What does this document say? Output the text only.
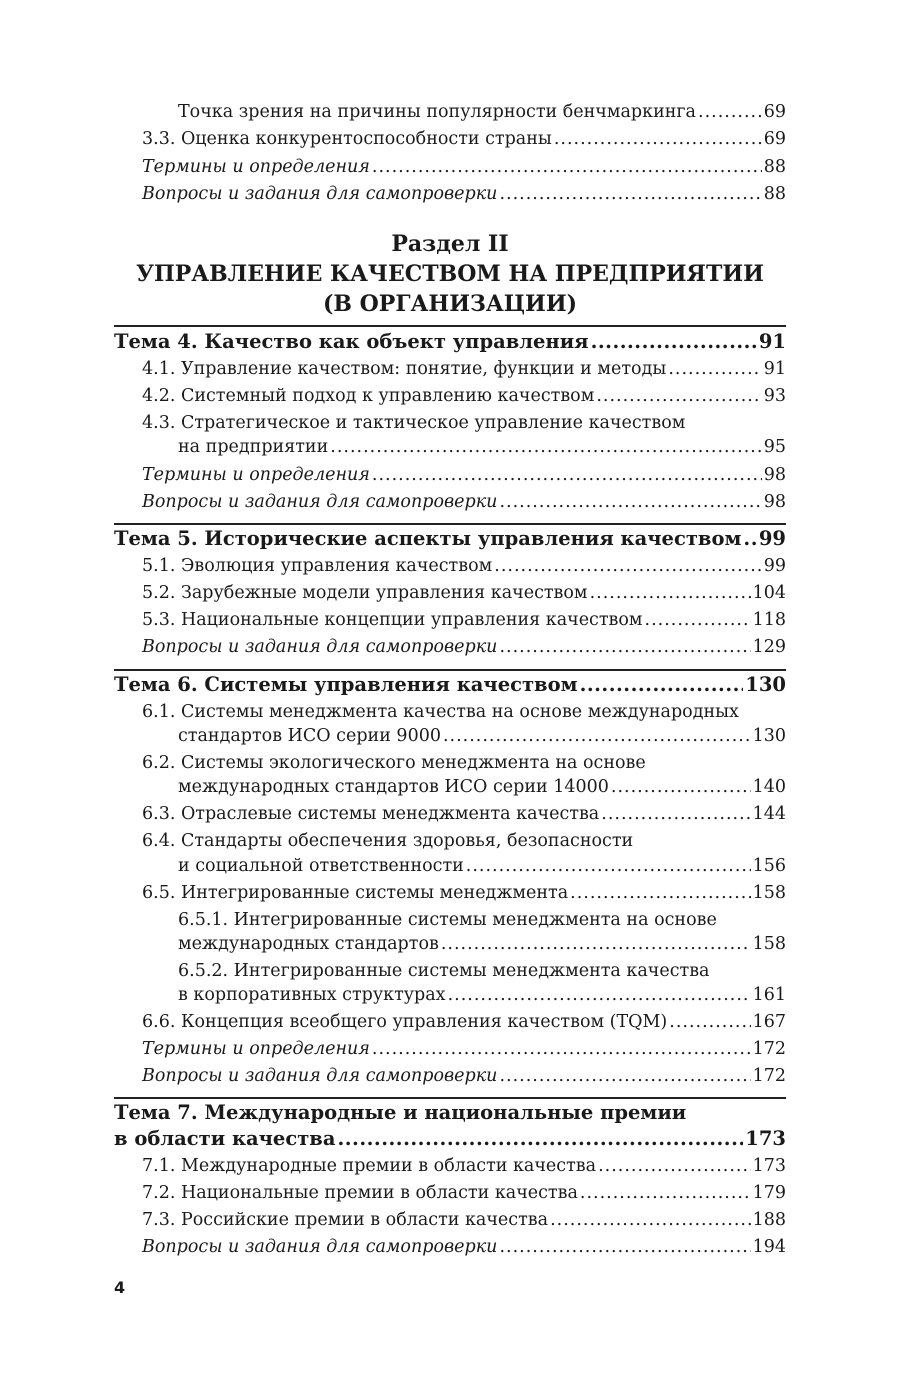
Точка зрения на причины популярности бенчмаркинга .....	69
3.3. Оценка конкурентоспособности страны .....	69
Термины и определения .....	88
Вопросы и задания для самопроверки .....	88
Раздел II
УПРАВЛЕНИЕ КАЧЕСТВОМ НА ПРЕДПРИЯТИИ
(В ОРГАНИЗАЦИИ)
Тема 4. Качество как объект управления .....	91
4.1. Управление качеством: понятие, функции и методы .....	91
4.2. Системный подход к управлению качеством .....	93
4.3. Стратегическое и тактическое управление качеством
на предприятии .....	95
Термины и определения .....	98
Вопросы и задания для самопроверки .....	98
Тема 5. Исторические аспекты управления качеством ..... 99
5.1. Эволюция управления качеством .....	99
5.2. Зарубежные модели управления качеством .....	104
5.3. Национальные концепции управления качеством .....	118
Вопросы и задания для самопроверки .....	129
Тема 6. Системы управления качеством .....	130
6.1. Системы менеджмента качества на основе международных
стандартов ИСО серии 9000 .....	130
6.2. Системы экологического менеджмента на основе
международных стандартов ИСО серии 14000 .....	140
6.3. Отраслевые системы менеджмента качества .....	144
6.4. Стандарты обеспечения здоровья, безопасности
и социальной ответственности .....	156
6.5. Интегрированные системы менеджмента .....	158
6.5.1. Интегрированные системы менеджмента на основе
международных стандартов .....	158
6.5.2. Интегрированные системы менеджмента качества
в корпоративных структурах .....	161
6.6. Концепция всеобщего управления качеством (TQM) .....	167
Термины и определения .....	172
Вопросы и задания для самопроверки .....	172
Тема 7. Международные и национальные премии
в области качества .....	173
7.1. Международные премии в области качества .....	173
7.2. Национальные премии в области качества .....	179
7.3. Российские премии в области качества .....	188
Вопросы и задания для самопроверки .....	194
4
